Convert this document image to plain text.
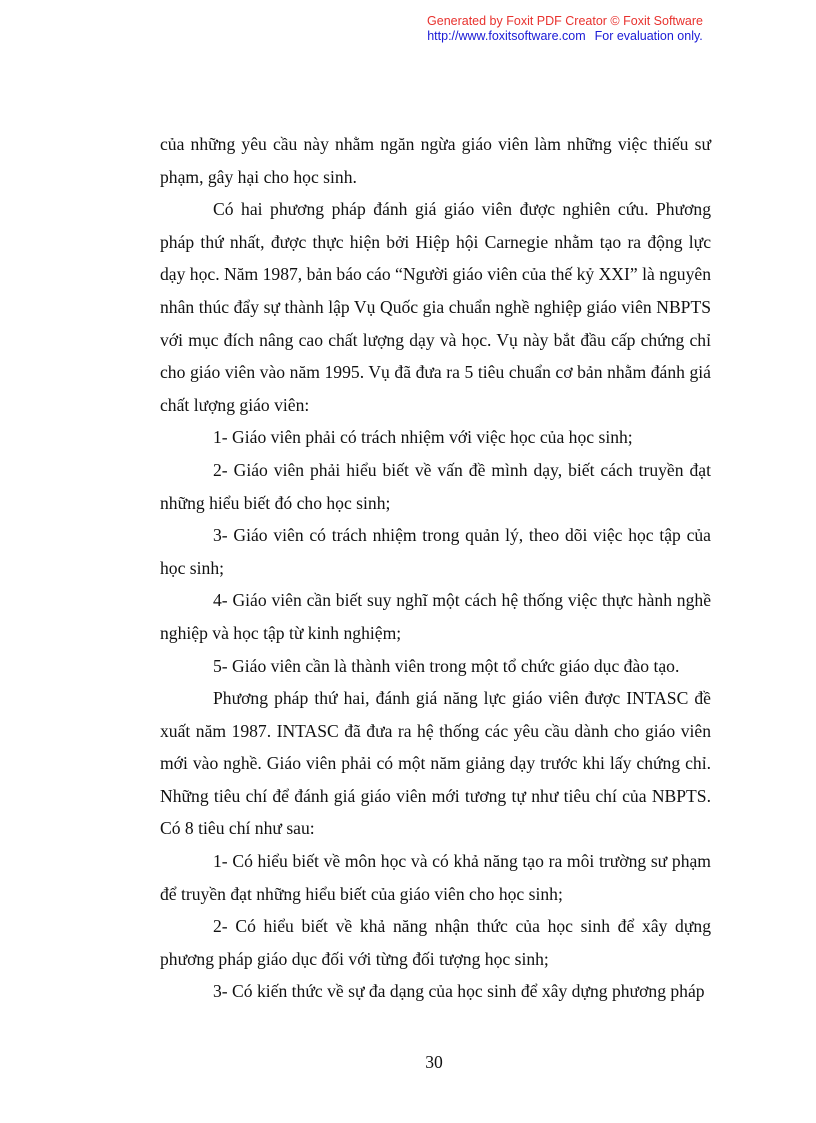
Generated by Foxit PDF Creator © Foxit Software
http://www.foxitsoftware.com For evaluation only.

của những yêu cầu này nhằm ngăn ngừa giáo viên làm những việc thiếu sư phạm, gây hại cho học sinh.

Có hai phương pháp đánh giá giáo viên được nghiên cứu. Phương pháp thứ nhất, được thực hiện bởi Hiệp hội Carnegie nhằm tạo ra động lực dạy học. Năm 1987, bản báo cáo “Người giáo viên của thế kỷ XXI” là nguyên nhân thúc đẩy sự thành lập Vụ Quốc gia chuẩn nghề nghiệp giáo viên NBPTS với mục đích nâng cao chất lượng dạy và học. Vụ này bắt đầu cấp chứng chỉ cho giáo viên vào năm 1995. Vụ đã đưa ra 5 tiêu chuẩn cơ bản nhằm đánh giá chất lượng giáo viên:

1- Giáo viên phải có trách nhiệm với việc học của học sinh;

2- Giáo viên phải hiểu biết về vấn đề mình dạy, biết cách truyền đạt những hiểu biết đó cho học sinh;

3- Giáo viên có trách nhiệm trong quản lý, theo dõi việc học tập của học sinh;

4- Giáo viên cần biết suy nghĩ một cách hệ thống việc thực hành nghề nghiệp và học tập từ kinh nghiệm;

5- Giáo viên cần là thành viên trong một tổ chức giáo dục đào tạo.

Phương pháp thứ hai, đánh giá năng lực giáo viên được INTASC đề xuất năm 1987. INTASC đã đưa ra hệ thống các yêu cầu dành cho giáo viên mới vào nghề. Giáo viên phải có một năm giảng dạy trước khi lấy chứng chỉ. Những tiêu chí để đánh giá giáo viên mới tương tự như tiêu chí của NBPTS. Có 8 tiêu chí như sau:

1- Có hiểu biết về môn học và có khả năng tạo ra môi trường sư phạm để truyền đạt những hiểu biết của giáo viên cho học sinh;

2- Có hiểu biết về khả năng nhận thức của học sinh để xây dựng phương pháp giáo dục đối với từng đối tượng học sinh;

3- Có kiến thức về sự đa dạng của học sinh để xây dựng phương pháp

30
